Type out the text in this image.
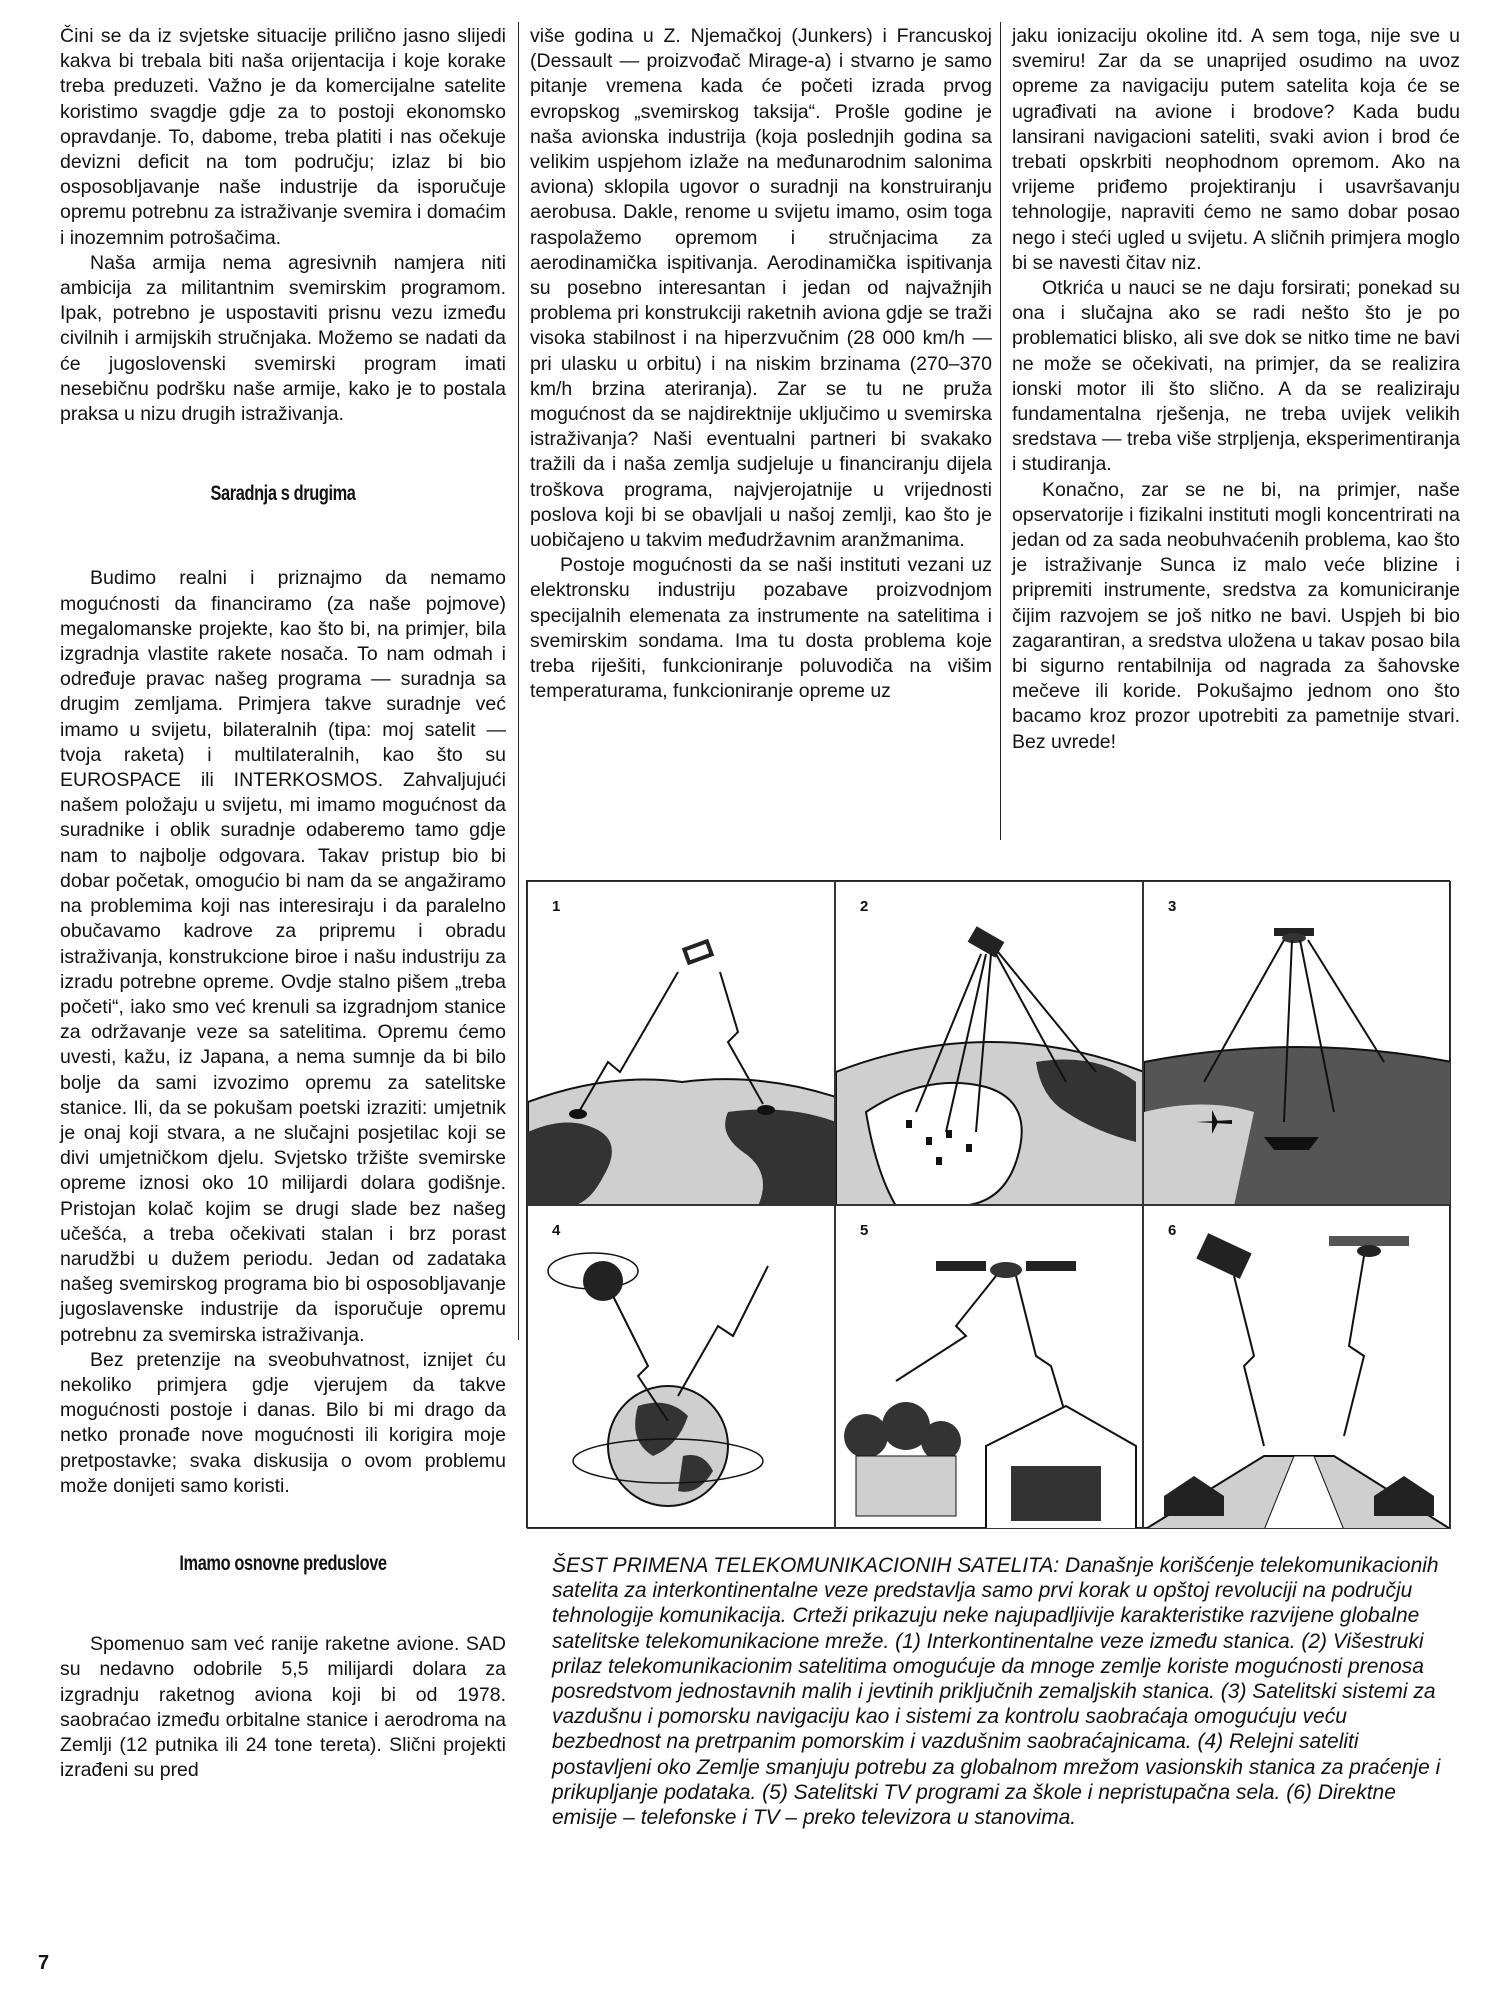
Čini se da iz svjetske situacije prilično jasno slijedi kakva bi trebala biti naša orijentacija i koje korake treba preduzeti. Važno je da komercijalne satelite koristimo svagdje gdje za to postoji ekonomsko opravdanje. To, dabome, treba platiti i nas očekuje devizni deficit na tom području; izlaz bi bio osposobljavanje naše industrije da isporučuje opremu potrebnu za istraživanje svemira i domaćim i inozemnim potrošačima.

Naša armija nema agresivnih namjera niti ambicija za militantnim svemirskim programom. Ipak, potrebno je uspostaviti prisnu vezu između civilnih i armijskih stručnjaka. Možemo se nadati da će jugoslovenski svemirski program imati nesebičnu podršku naše armije, kako je to postala praksa u nizu drugih istraživanja.

Saradnja s drugima

Budimo realni i priznajmo da nemamo mogućnosti da financiramo (za naše pojmove) megalomanske projekte, kao što bi, na primjer, bila izgradnja vlastite rakete nosača. To nam odmah i određuje pravac našeg programa — suradnja sa drugim zemljama. Primjera takve suradnje već imamo u svijetu, bilateralnih (tipa: moj satelit — tvoja raketa) i multilateralnih, kao što su EUROSPACE ili INTERKOSMOS. Zahvaljujući našem položaju u svijetu, mi imamo mogućnost da suradnike i oblik suradnje odaberemo tamo gdje nam to najbolje odgovara. Takav pristup bio bi dobar početak, omogućio bi nam da se angažiramo na problemima koji nas interesiraju i da paralelno obučavamo kadrove za pripremu i obradu istraživanja, konstrukcione biroe i našu industriju za izradu potrebne opreme. Ovdje stalno pišem „treba početi“, iako smo već krenuli sa izgradnjom stanice za održavanje veze sa satelitima. Opremu ćemo uvesti, kažu, iz Japana, a nema sumnje da bi bilo bolje da sami izvozimo opremu za satelitske stanice. Ili, da se pokušam poetski izraziti: umjetnik je onaj koji stvara, a ne slučajni posjetilac koji se divi umjetničkom djelu. Svjetsko tržište svemirske opreme iznosi oko 10 milijardi dolara godišnje. Pristojan kolač kojim se drugi slade bez našeg učešća, a treba očekivati stalan i brz porast narudžbi u dužem periodu. Jedan od zadataka našeg svemirskog programa bio bi osposobljavanje jugoslavenske industrije da isporučuje opremu potrebnu za svemirska istraživanja.

Bez pretenzije na sveobuhvatnost, iznijet ću nekoliko primjera gdje vjerujem da takve mogućnosti postoje i danas. Bilo bi mi drago da netko pronađe nove mogućnosti ili korigira moje pretpostavke; svaka diskusija o ovom problemu može donijeti samo koristi.

Imamo osnovne preduslove

Spomenuo sam već ranije raketne avione. SAD su nedavno odobrile 5,5 milijardi dolara za izgradnju raketnog aviona koji bi od 1978. saobraćao između orbitalne stanice i aerodroma na Zemlji (12 putnika ili 24 tone tereta). Slični projekti izrađeni su pred

više godina u Z. Njemačkoj (Junkers) i Francuskoj (Dessault — proizvođač Mirage-a) i stvarno je samo pitanje vremena kada će početi izrada prvog evropskog „svemirskog taksija“. Prošle godine je naša avionska industrija (koja poslednjih godina sa velikim uspjehom izlaže na međunarodnim salonima aviona) sklopila ugovor o suradnji na konstruiranju aerobusa. Dakle, renome u svijetu imamo, osim toga raspolažemo opremom i stručnjacima za aerodinamička ispitivanja. Aerodinamička ispitivanja su posebno interesantan i jedan od najvažnjih problema pri konstrukciji raketnih aviona gdje se traži visoka stabilnost i na hiperzvučnim (28 000 km/h — pri ulasku u orbitu) i na niskim brzinama (270–370 km/h brzina ateriranja). Zar se tu ne pruža mogućnost da se najdirektnije uključimo u svemirska istraživanja? Naši eventualni partneri bi svakako tražili da i naša zemlja sudjeluje u financiranju dijela troškova programa, najvjerojatnije u vrijednosti poslova koji bi se obavljali u našoj zemlji, kao što je uobičajeno u takvim međudržavnim aranžmanima.

Postoje mogućnosti da se naši instituti vezani uz elektronsku industriju pozabave proizvodnjom specijalnih elemenata za instrumente na satelitima i svemirskim sondama. Ima tu dosta problema koje treba riješiti, funkcioniranje poluvodiča na višim temperaturama, funkcioniranje opreme uz

jaku ionizaciju okoline itd. A sem toga, nije sve u svemiru! Zar da se unaprijed osudimo na uvoz opreme za navigaciju putem satelita koja će se ugrađivati na avione i brodove? Kada budu lansirani navigacioni sateliti, svaki avion i brod će trebati opskrbiti neophodnom opremom. Ako na vrijeme priđemo projektiranju i usavršavanju tehnologije, napraviti ćemo ne samo dobar posao nego i steći ugled u svijetu. A sličnih primjera moglo bi se navesti čitav niz.

Otkrića u nauci se ne daju forsirati; ponekad su ona i slučajna ako se radi nešto što je po problematici blisko, ali sve dok se nitko time ne bavi ne može se očekivati, na primjer, da se realizira ionski motor ili što slično. A da se realiziraju fundamentalna rješenja, ne treba uvijek velikih sredstava — treba više strpljenja, eksperimentiranja i studiranja.

Konačno, zar se ne bi, na primjer, naše opservatorije i fizikalni instituti mogli koncentrirati na jedan od za sada neobuhvaćenih problema, kao što je istraživanje Sunca iz malo veće blizine i pripremiti instrumente, sredstva za komuniciranje čijim razvojem se još nitko ne bavi. Uspjeh bi bio zagarantiran, a sredstva uložena u takav posao bila bi sigurno rentabilnija od nagrada za šahovske mečeve ili koride. Pokušajmo jednom ono što bacamo kroz prozor upotrebiti za pametnije stvari. Bez uvrede!

1	2	3
4	5	6
ŠEST PRIMENA TELEKOMUNIKACIONIH SATELITA: Današnje korišćenje telekomunikacionih satelita za interkontinentalne veze predstavlja samo prvi korak u opštoj revoluciji na području tehnologije komunikacija. Crteži prikazuju neke najupadljivije karakteristike razvijene globalne satelitske telekomunikacione mreže. (1) Interkontinentalne veze između stanica. (2) Višestruki prilaz telekomunikacionim satelitima omogućuje da mnoge zemlje koriste mogućnosti prenosa posredstvom jednostavnih malih i jevtinih priključnih zemaljskih stanica. (3) Satelitski sistemi za vazdušnu i pomorsku navigaciju kao i sistemi za kontrolu saobraćaja omogućuju veću bezbednost na pretrpanim pomorskim i vazdušnim saobraćajnicama. (4) Relejni sateliti postavljeni oko Zemlje smanjuju potrebu za globalnom mrežom vasionskih stanica za praćenje i prikupljanje podataka. (5) Satelitski TV programi za škole i nepristupačna sela. (6) Direktne emisije – telefonske i TV – preko televizora u stanovima.
7
